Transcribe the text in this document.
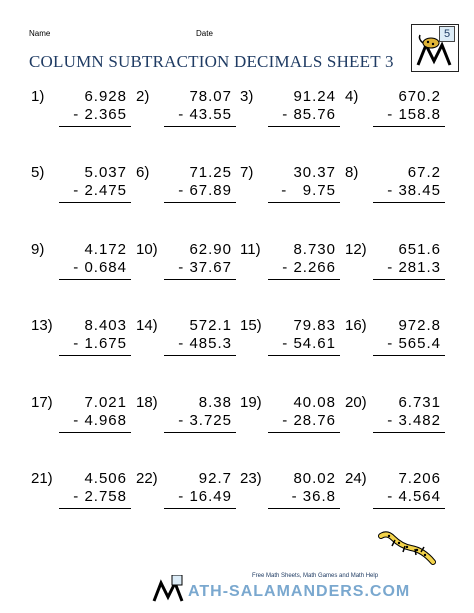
Name	Date
COLUMN SUBTRACTION DECIMALS SHEET 3
5
1)	6.928
- 2.365
2)	78.07
- 43.55
3)	91.24
- 85.76
4)	670.2
- 158.8
5)	5.037
- 2.475
6)	71.25
- 67.89
7)	30.37
-   9.75
8)	67.2
- 38.45
9)	4.172
- 0.684
10)	62.90
- 37.67
11)	8.730
- 2.266
12)	651.6
- 281.3
13)	8.403
- 1.675
14)	572.1
- 485.3
15)	79.83
- 54.61
16)	972.8
- 565.4
17)	7.021
- 4.968
18)	8.38
- 3.725
19)	40.08
- 28.76
20)	6.731
- 3.482
21)	4.506
- 2.758
22)	92.7
- 16.49
23)	80.02
- 36.8
24)	7.206
- 4.564
Free Math Sheets, Math Games and Math Help
ATH-SALAMANDERS.COM
